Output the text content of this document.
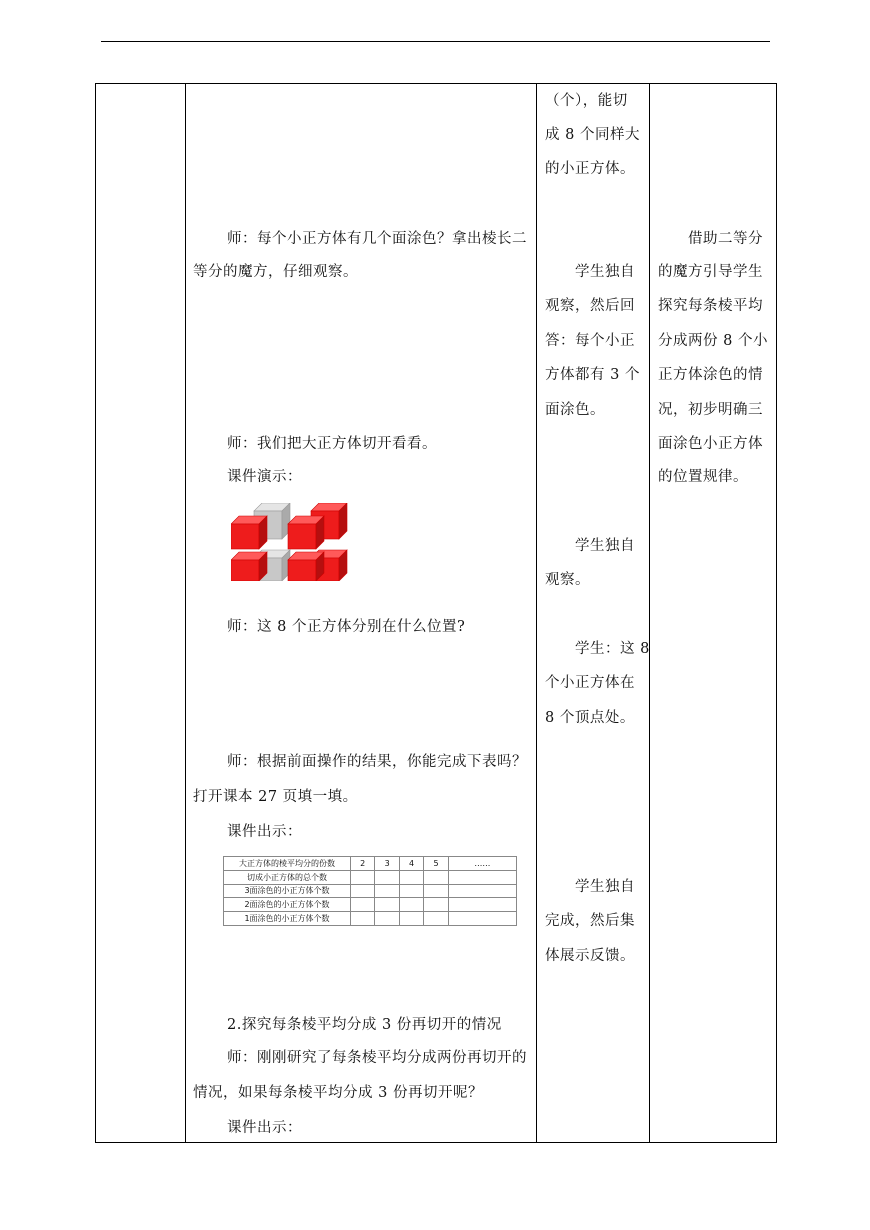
师：每个小正方体有几个面涂色？拿出棱长二
等分的魔方，仔细观察。
师：我们把大正方体切开看看。
课件演示：
师：这 8 个正方体分别在什么位置?
师：根据前面操作的结果，你能完成下表吗？
打开课本 27 页填一填。
课件出示：
大正方体的棱平均分的份数	2	3	4	5	……
切成小正方体的总个数					
3面涂色的小正方体个数					
2面涂色的小正方体个数					
1面涂色的小正方体个数					
2.探究每条棱平均分成 3 份再切开的情况
师：刚刚研究了每条棱平均分成两份再切开的
情况，如果每条棱平均分成 3 份再切开呢？
课件出示：
（个），能切
成 8 个同样大
的小正方体。
学生独自
观察，然后回
答：每个小正
方体都有 3 个
面涂色。
学生独自
观察。
学生：这 8
个小正方体在
8 个顶点处。
学生独自
完成，然后集
体展示反馈。
借助二等分
的魔方引导学生
探究每条棱平均
分成两份 8 个小
正方体涂色的情
况，初步明确三
面涂色小正方体
的位置规律。
